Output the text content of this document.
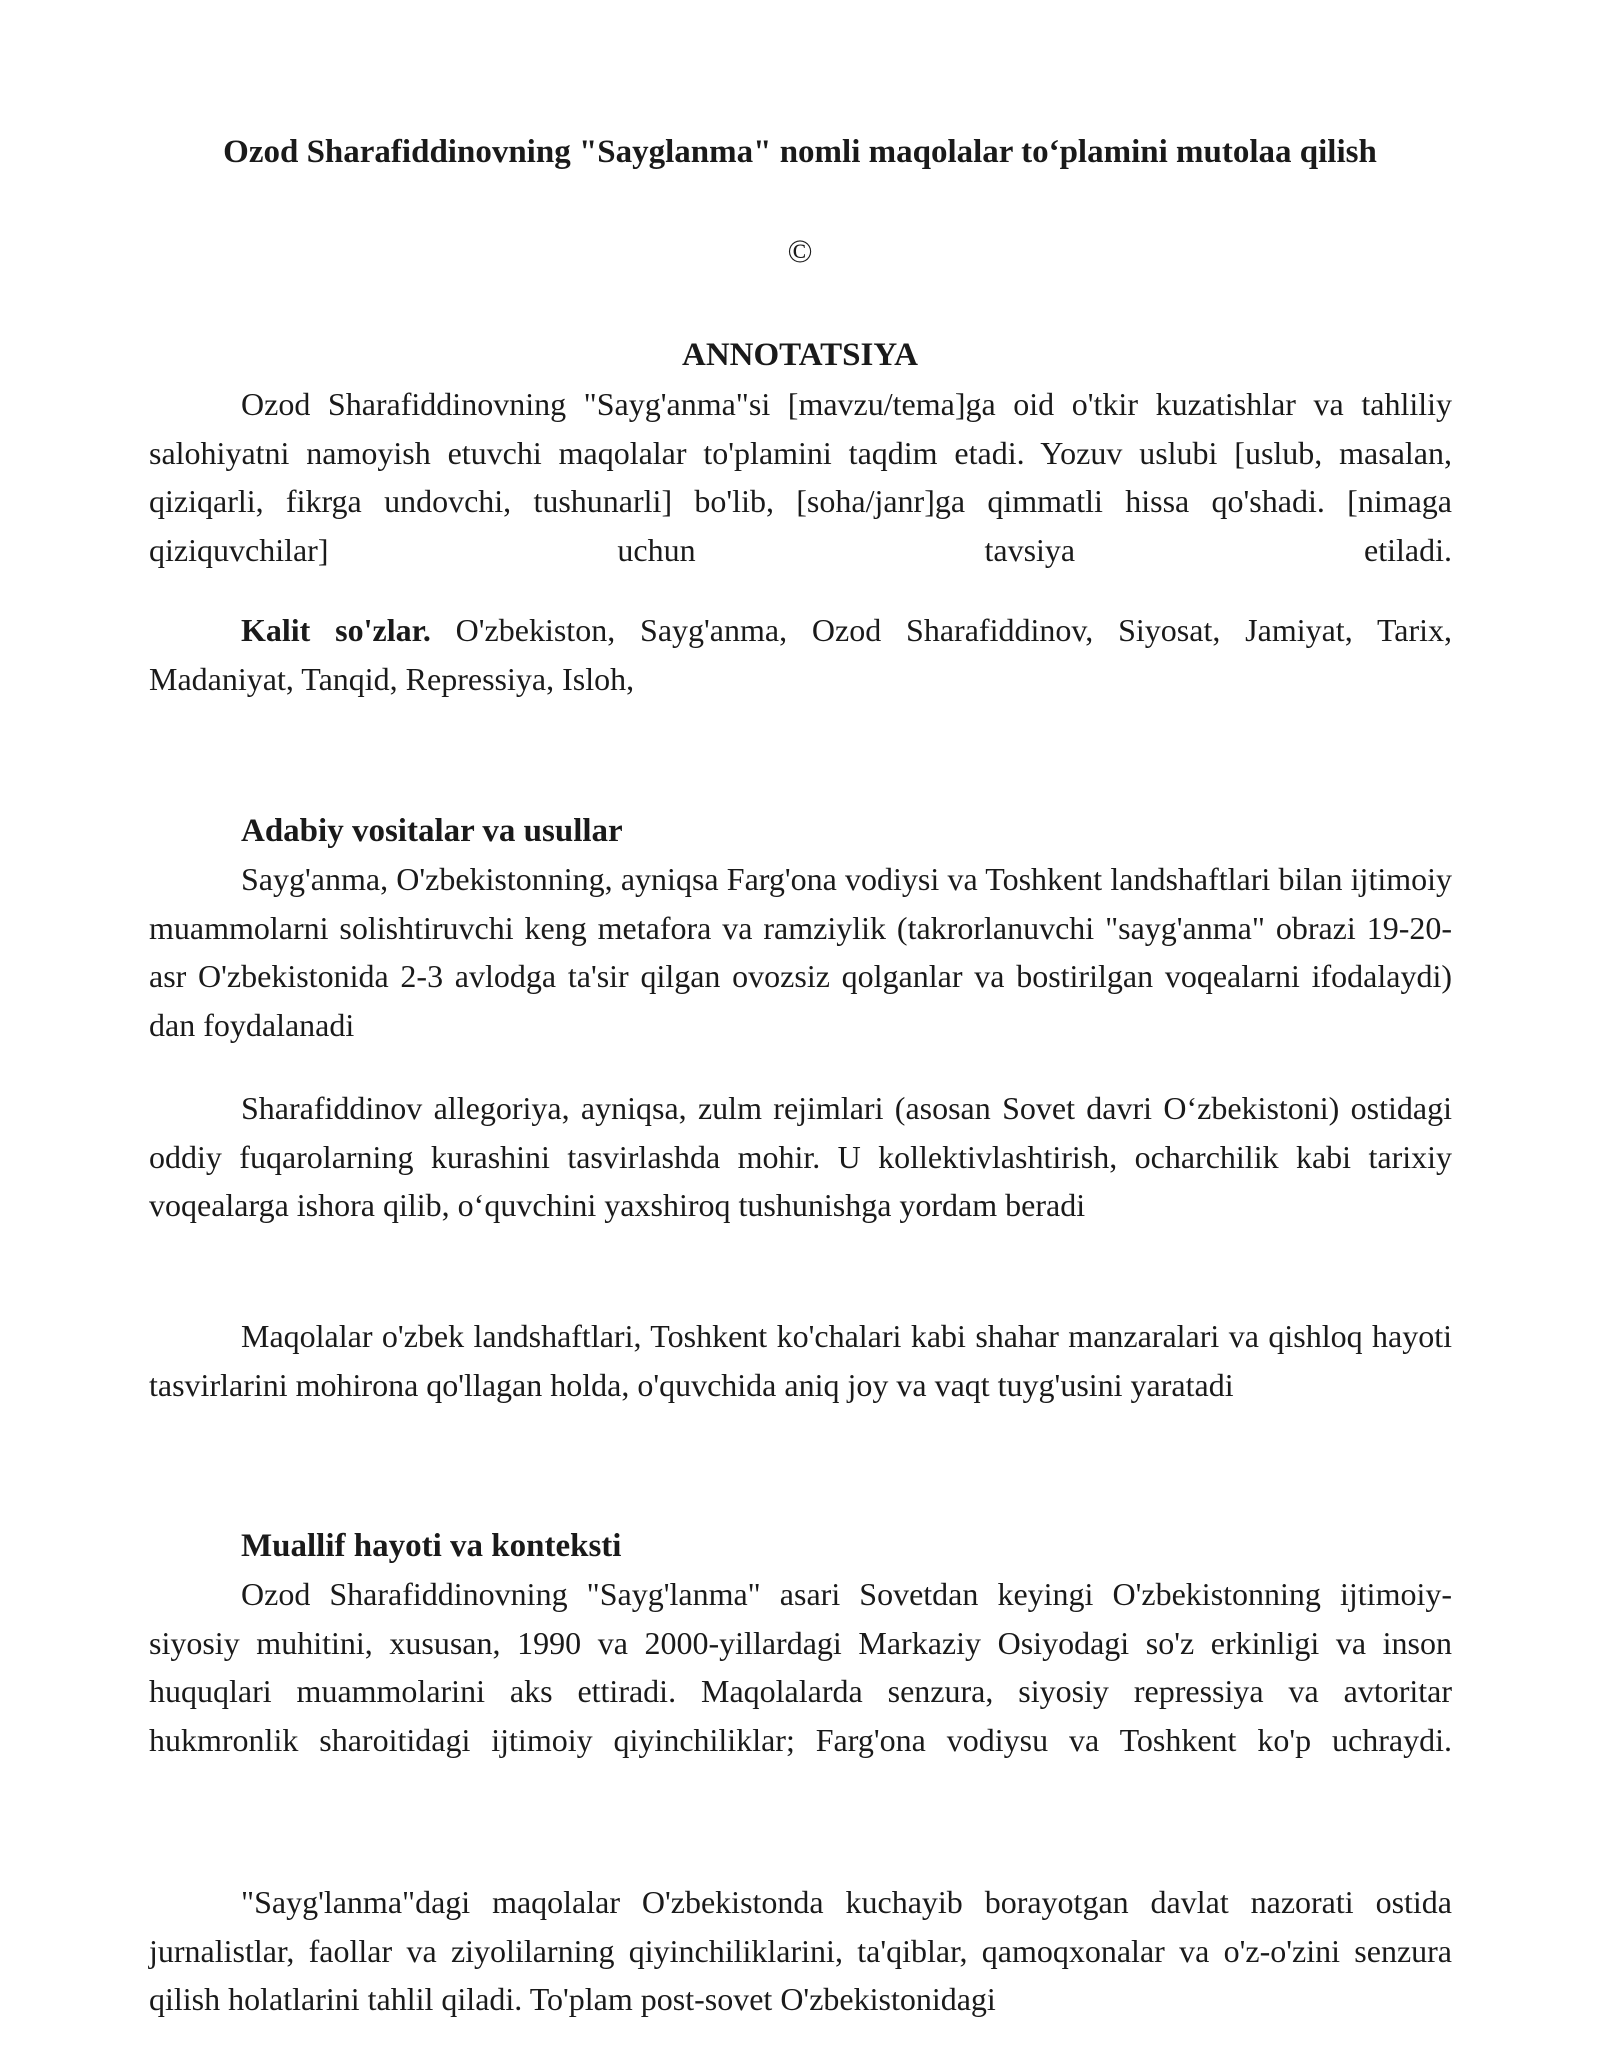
Ozod Sharafiddinovning "Sayglanma" nomli maqolalar to‘plamini mutolaa qilish
©
ANNOTATSIYA

Ozod Sharafiddinovning "Sayg'anma"si [mavzu/tema]ga oid o'tkir kuzatishlar va tahliliy salohiyatni namoyish etuvchi maqolalar to'plamini taqdim etadi. Yozuv uslubi [uslub, masalan, qiziqarli, fikrga undovchi, tushunarli] bo'lib, [soha/janr]ga qimmatli hissa qo'shadi. [nimaga qiziquvchilar] uchun tavsiya etiladi.

Kalit so'zlar. O'zbekiston, Sayg'anma, Ozod Sharafiddinov, Siyosat, Jamiyat, Tarix, Madaniyat, Tanqid, Repressiya, Isloh,

Adabiy vositalar va usullar

Sayg'anma, O'zbekistonning, ayniqsa Farg'ona vodiysi va Toshkent landshaftlari bilan ijtimoiy muammolarni solishtiruvchi keng metafora va ramziylik (takrorlanuvchi "sayg'anma" obrazi 19-20-asr O'zbekistonida 2-3 avlodga ta'sir qilgan ovozsiz qolganlar va bostirilgan voqealarni ifodalaydi) dan foydalanadi

Sharafiddinov allegoriya, ayniqsa, zulm rejimlari (asosan Sovet davri O‘zbekistoni) ostidagi oddiy fuqarolarning kurashini tasvirlashda mohir. U kollektivlashtirish, ocharchilik kabi tarixiy voqealarga ishora qilib, o‘quvchini yaxshiroq tushunishga yordam beradi

Maqolalar o'zbek landshaftlari, Toshkent ko'chalari kabi shahar manzaralari va qishloq hayoti tasvirlarini mohirona qo'llagan holda, o'quvchida aniq joy va vaqt tuyg'usini yaratadi

Muallif hayoti va konteksti

Ozod Sharafiddinovning "Sayg'lanma" asari Sovetdan keyingi O'zbekistonning ijtimoiy-siyosiy muhitini, xususan, 1990 va 2000-yillardagi Markaziy Osiyodagi so'z erkinligi va inson huquqlari muammolarini aks ettiradi. Maqolalarda senzura, siyosiy repressiya va avtoritar hukmronlik sharoitidagi ijtimoiy qiyinchiliklar; Farg'ona vodiysu va Toshkent ko'p uchraydi.

"Sayg'lanma"dagi maqolalar O'zbekistonda kuchayib borayotgan davlat nazorati ostida jurnalistlar, faollar va ziyolilarning qiyinchiliklarini, ta'qiblar, qamoqxonalar va o'z-o'zini senzura qilish holatlarini tahlil qiladi. To'plam post-sovet O'zbekistonidagi
